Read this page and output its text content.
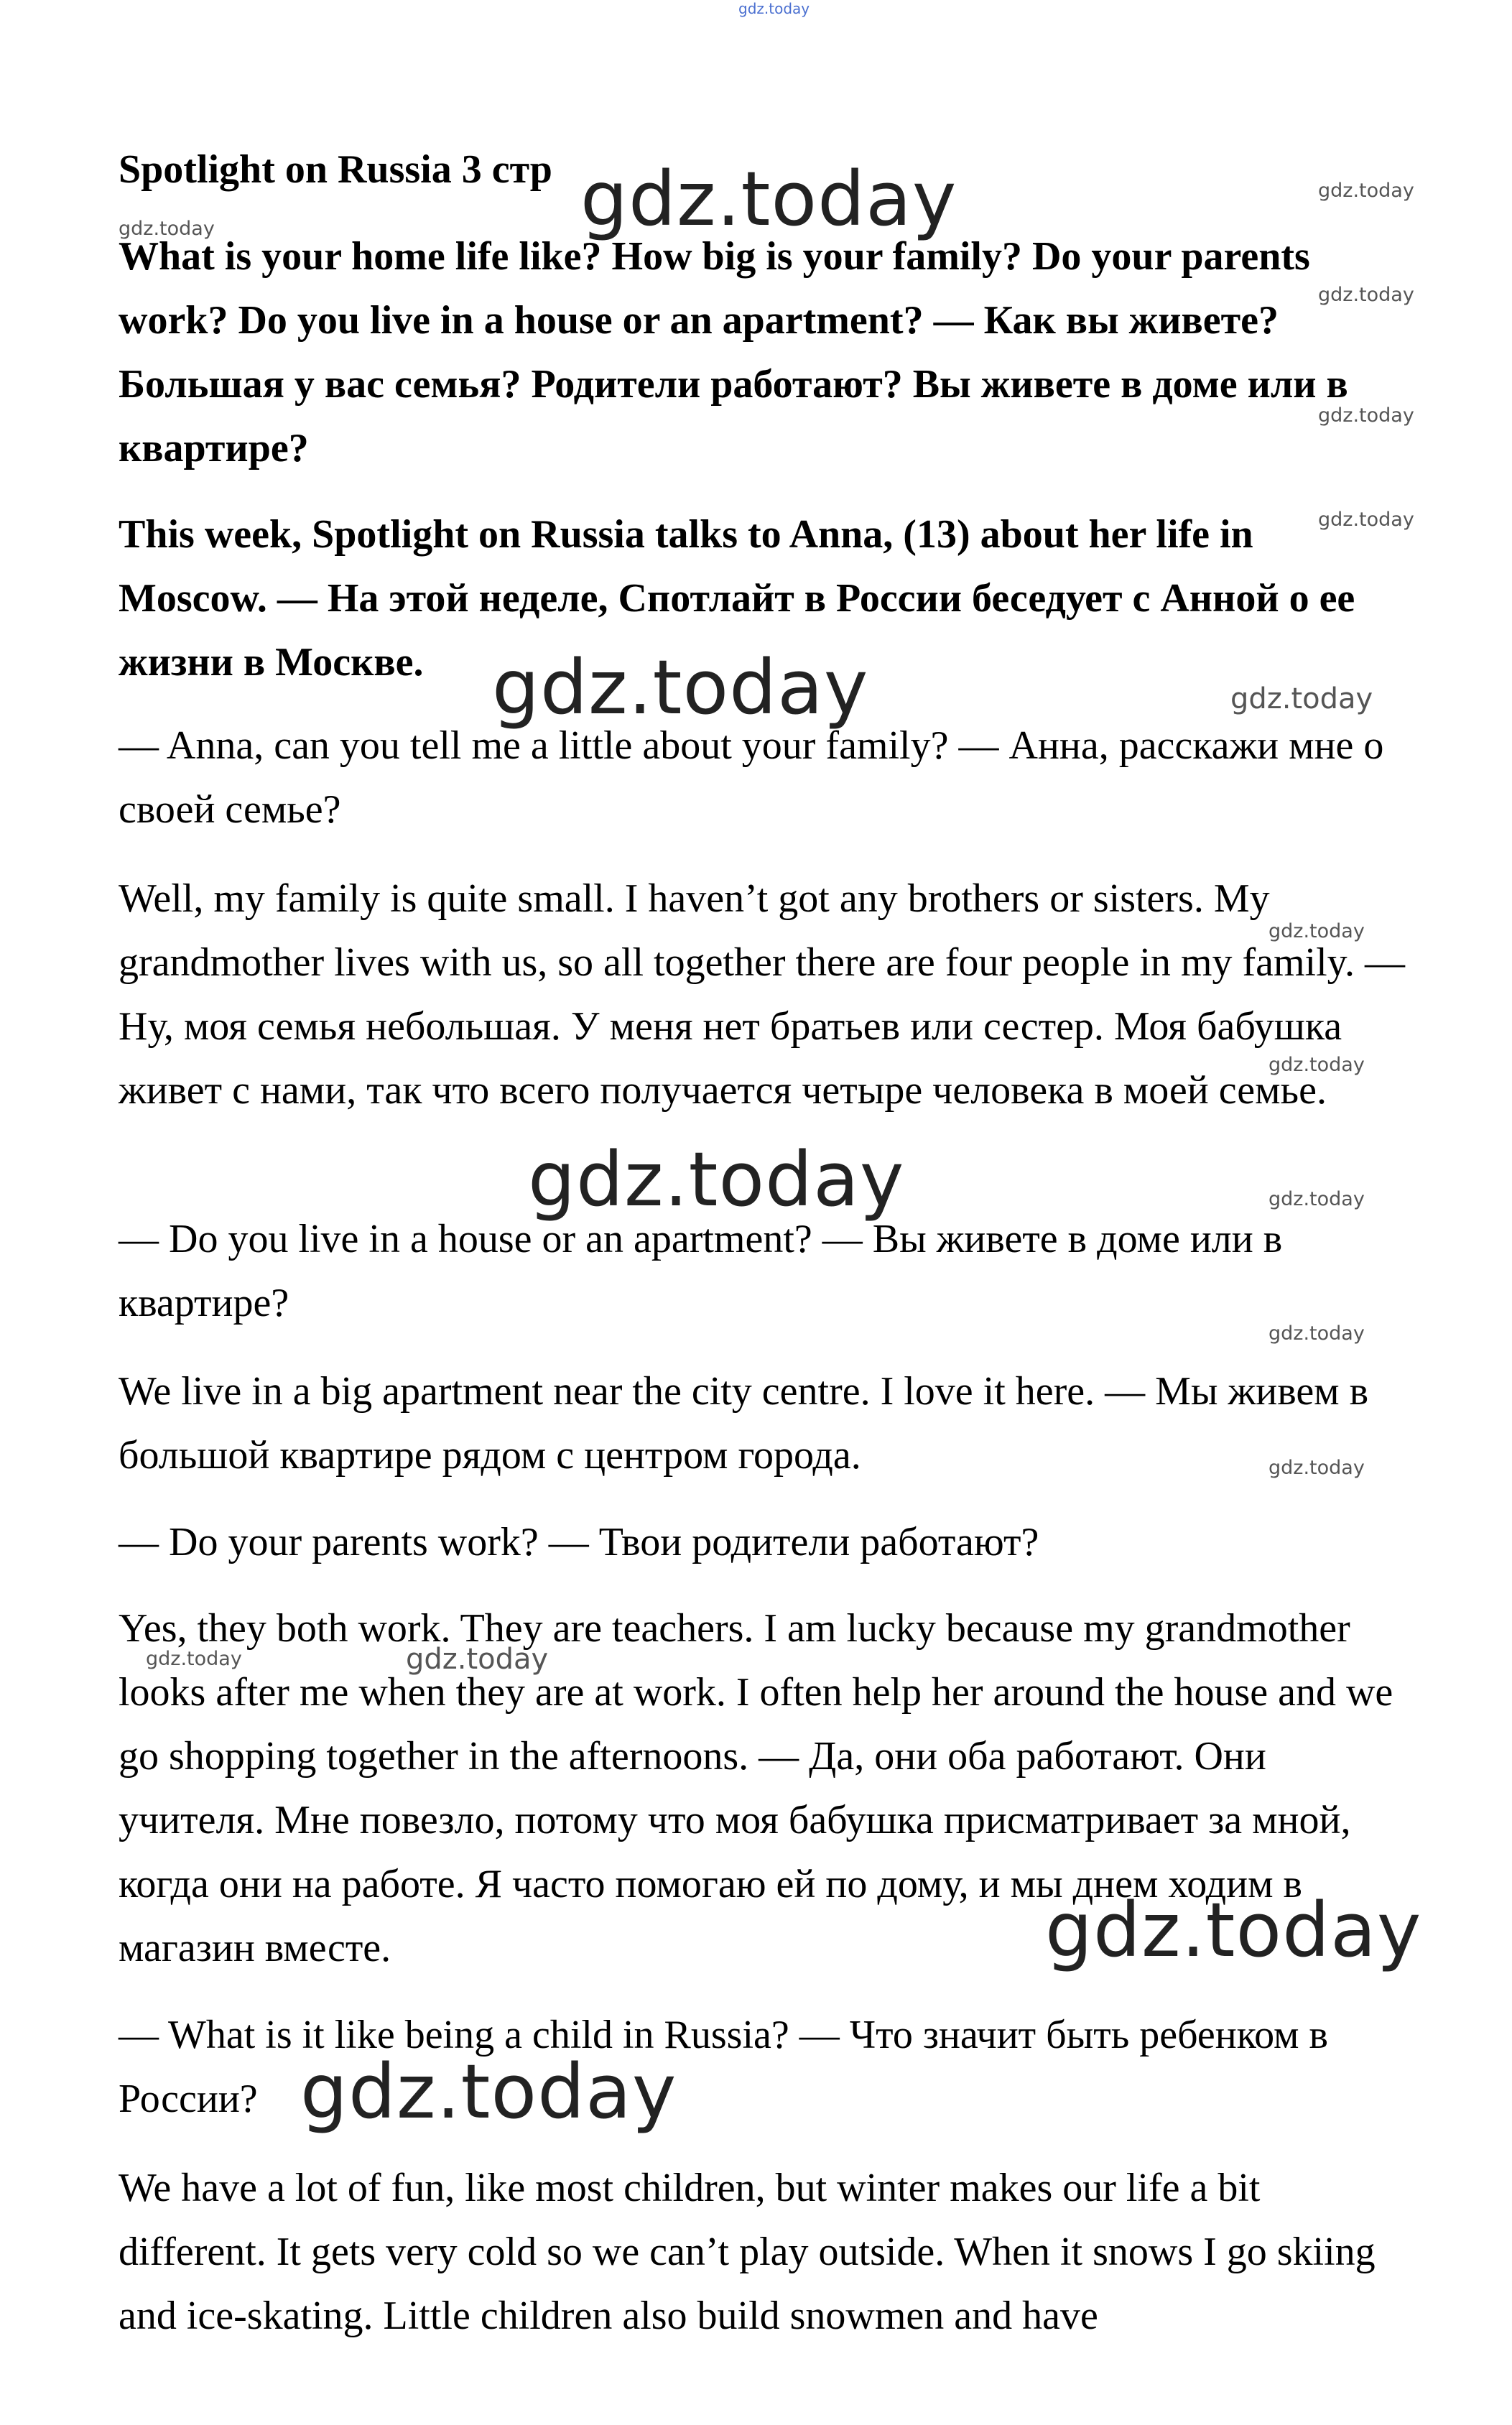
gdz.today
Spotlight on Russia 3 стр

What is your home life like? How big is your family? Do your parents work? Do you live in a house or an apartment? — Как вы живете? Большая у вас семья? Родители работают? Вы живете в доме или в квартире?

This week, Spotlight on Russia talks to Anna, (13) about her life in Moscow. — На этой неделе, Спотлайт в России беседует с Анной о ее жизни в Москве.

— Anna, can you tell me a little about your family? — Анна, расскажи мне о своей семье?

Well, my family is quite small. I haven’t got any brothers or sisters. My grandmother lives with us, so all together there are four people in my family. — Ну, моя семья небольшая. У меня нет братьев или сестер. Моя бабушка живет с нами, так что всего получается четыре человека в моей семье.

— Do you live in a house or an apartment? — Вы живете в доме или в квартире?

We live in a big apartment near the city centre. I love it here. — Мы живем в большой квартире рядом с центром города.

— Do your parents work? — Твои родители работают?

Yes, they both work. They are teachers. I am lucky because my grandmother looks after me when they are at work. I often help her around the house and we go shopping together in the afternoons. — Да, они оба работают. Они учителя. Мне повезло, потому что моя бабушка присматривает за мной, когда они на работе. Я часто помогаю ей по дому, и мы днем ходим в магазин вместе.

— What is it like being a child in Russia? — Что значит быть ребенком в России?

We have a lot of fun, like most children, but winter makes our life a bit different. It gets very cold so we can’t play outside. When it snows I go skiing and ice-skating. Little children also build snowmen and have

gdz.today	gdz.today
gdz.today
gdz.today
gdz.today
gdz.today
gdz.today	gdz.today
gdz.today
gdz.today
gdz.today	gdz.today
gdz.today
gdz.today
gdz.today	gdz.today
gdz.today
gdz.today
